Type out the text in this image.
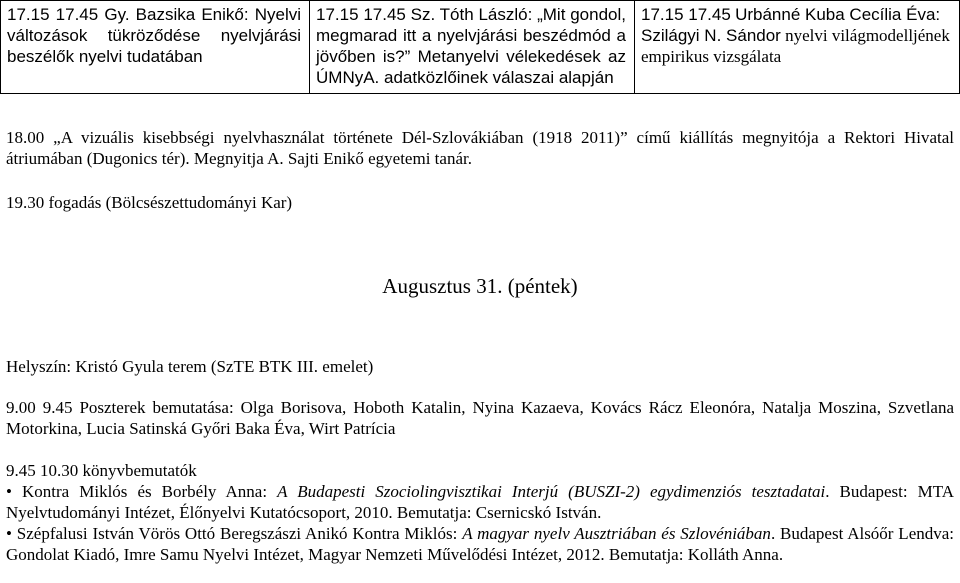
17.15 17.45 Gy. Bazsika Enikő: Nyelvi változások tükröződése nyelvjárási beszélők nyelvi tudatában	17.15 17.45 Sz. Tóth László: „Mit gondol, megmarad itt a nyelvjárási beszédmód a jövőben is?” Metanyelvi vélekedések az ÚMNyA. adatközlőinek válaszai alapján	17.15 17.45 Urbánné Kuba Cecília Éva: Szilágyi N. Sándor nyelvi világmodelljének empirikus vizsgálata
18.00 „A vizuális kisebbségi nyelvhasználat története Dél-Szlovákiában (1918 2011)” című kiállítás megnyitója a Rektori Hivatal átriumában (Dugonics tér). Megnyitja A. Sajti Enikő egyetemi tanár.
19.30 fogadás (Bölcsészettudományi Kar)
Augusztus 31. (péntek)
Helyszín: Kristó Gyula terem (SzTE BTK III. emelet)
9.00 9.45 Poszterek bemutatása: Olga Borisova, Hoboth Katalin, Nyina Kazaeva, Kovács Rácz Eleonóra, Natalja Moszina, Szvetlana Motorkina, Lucia Satinská Győri Baka Éva, Wirt Patrícia
9.45 10.30 könyvbemutatók
• Kontra Miklós és Borbély Anna: A Budapesti Szociolingvisztikai Interjú (BUSZI-2) egydimenziós tesztadatai. Budapest: MTA Nyelvtudományi Intézet, Élőnyelvi Kutatócsoport, 2010. Bemutatja: Csernicskó István.
• Szépfalusi István Vörös Ottó Beregszászi Anikó Kontra Miklós: A magyar nyelv Ausztriában és Szlovéniában. Budapest Alsóőr Lendva: Gondolat Kiadó, Imre Samu Nyelvi Intézet, Magyar Nemzeti Művelődési Intézet, 2012. Bemutatja: Kolláth Anna.
